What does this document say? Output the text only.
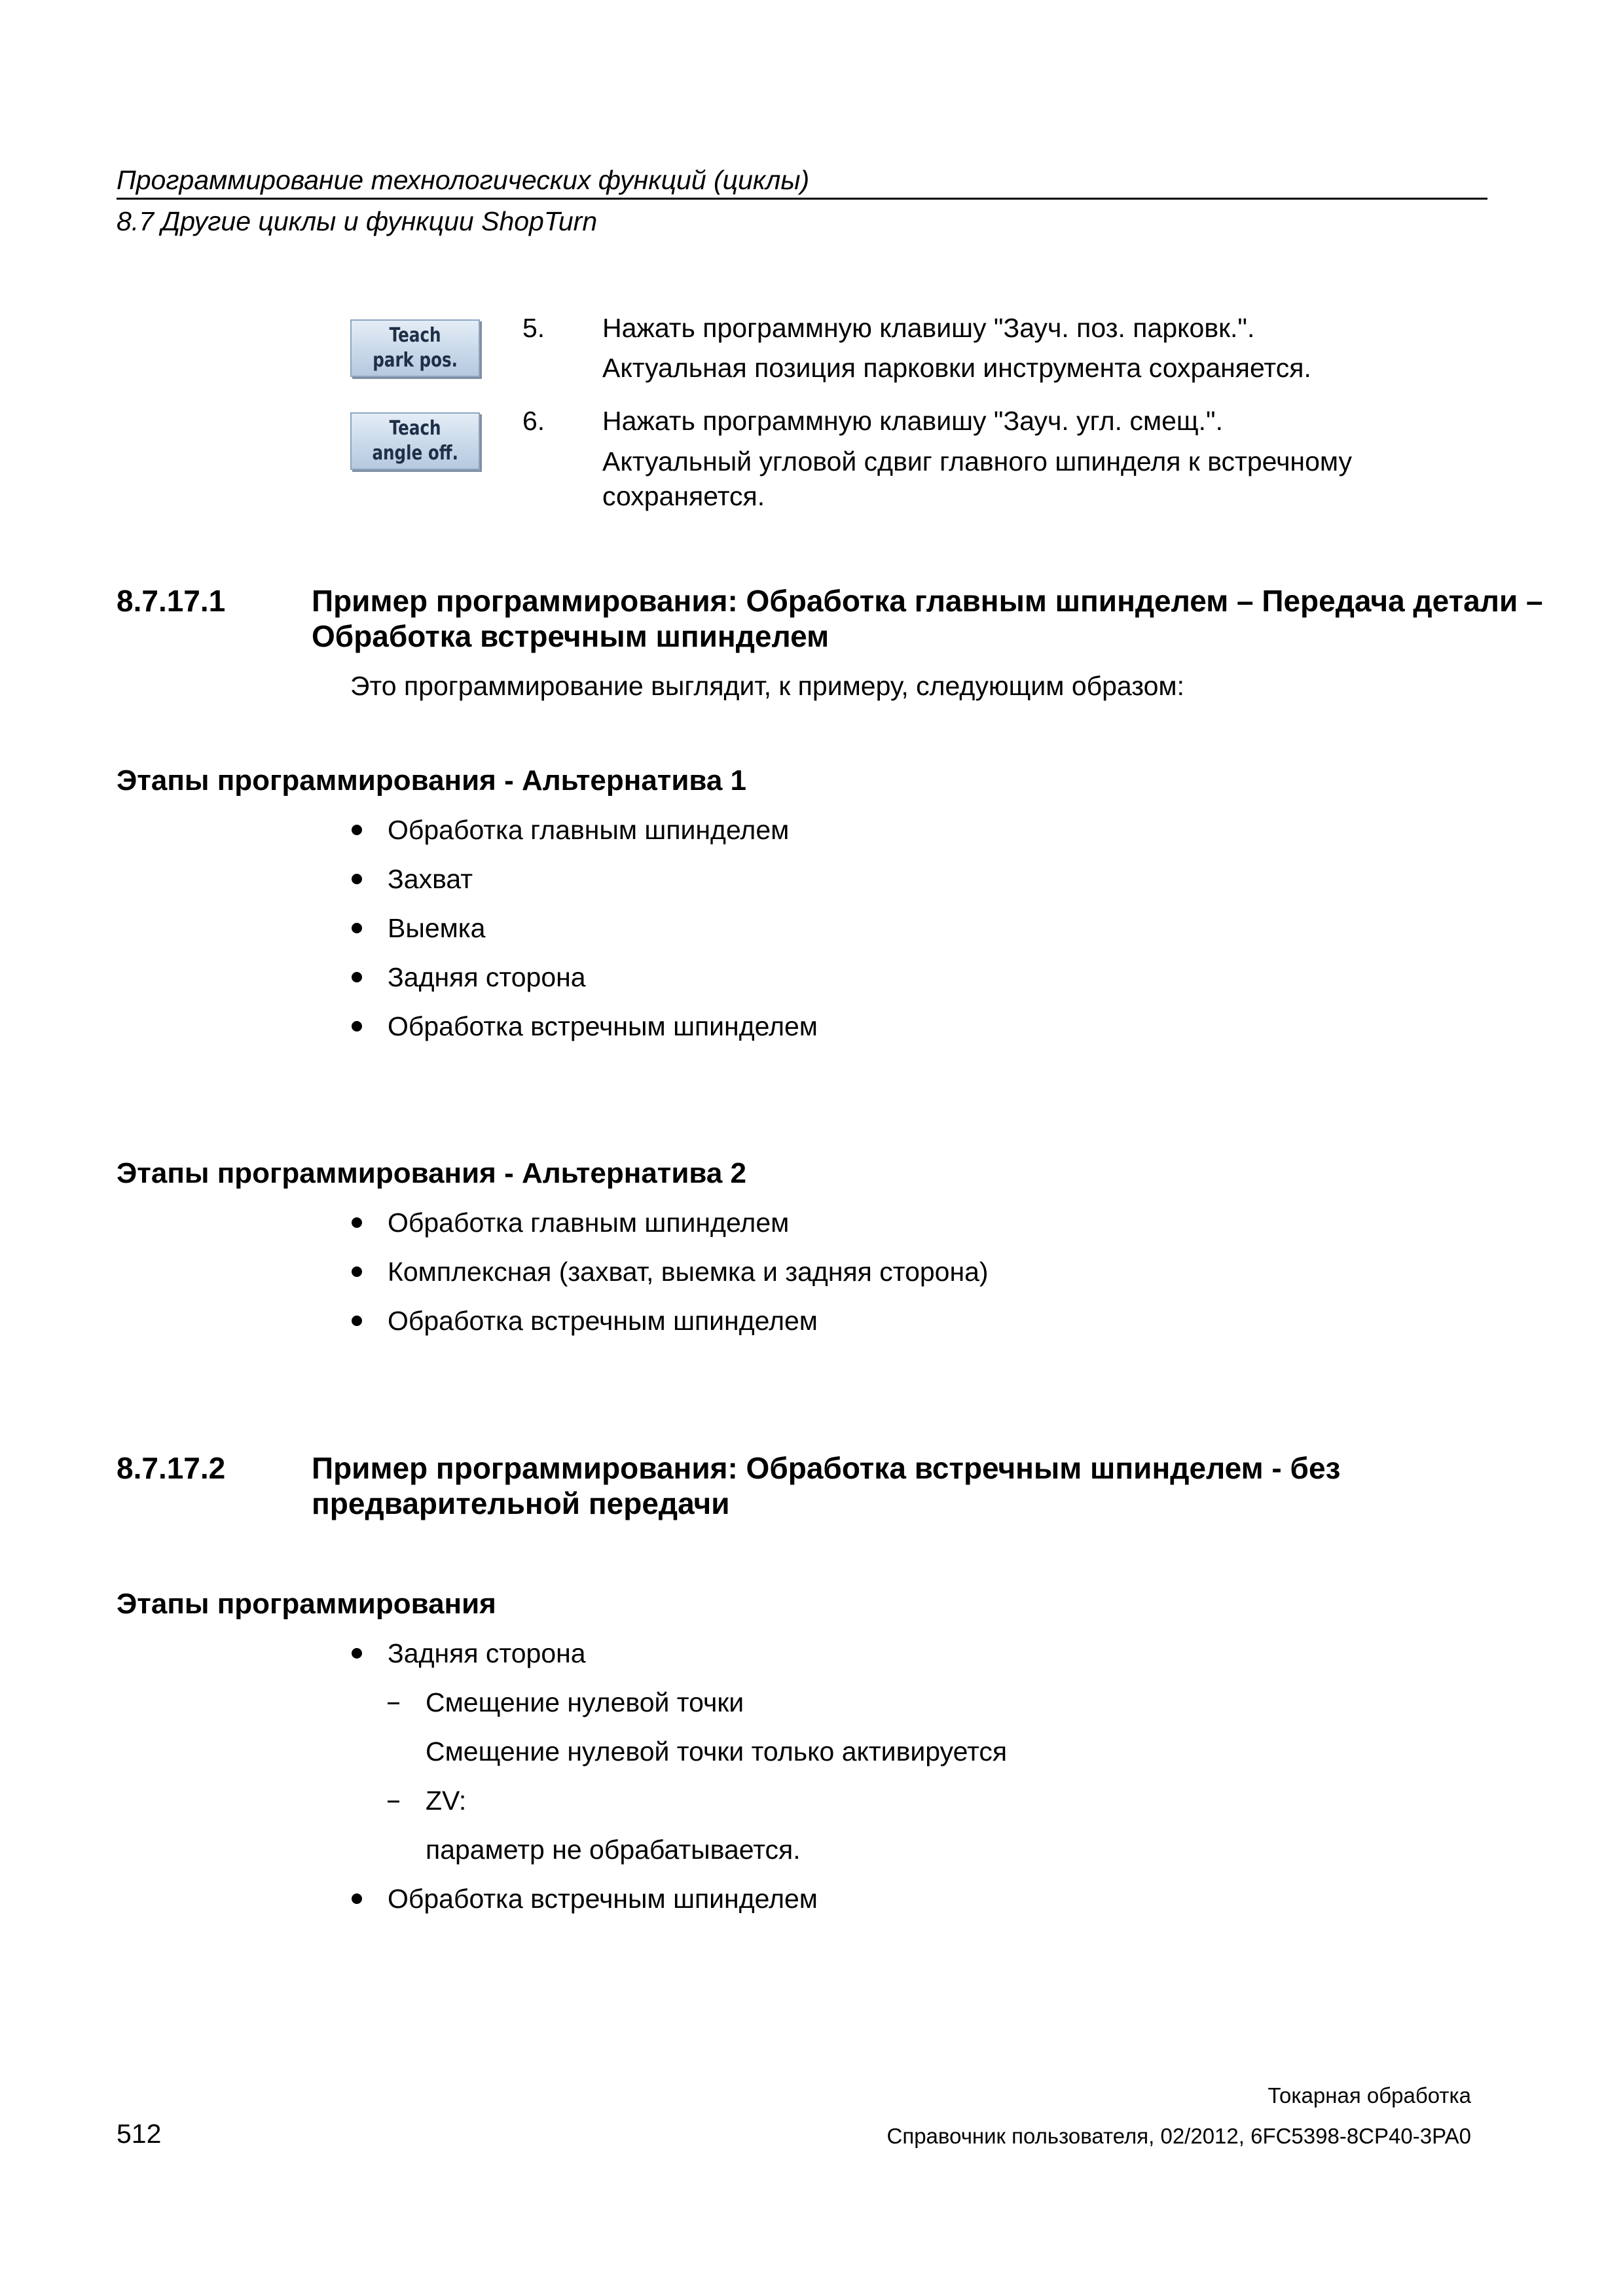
Программирование технологических функций (циклы)
8.7 Другие циклы и функции ShopTurn
Teach
park pos.
5. Нажать программную клавишу "Зауч. поз. парковк.".
Актуальная позиция парковки инструмента сохраняется.
Teach
angle off.
6. Нажать программную клавишу "Зауч. угл. смещ.".
Актуальный угловой сдвиг главного шпинделя к встречному
сохраняется.
8.7.17.1	Пример программирования: Обработка главным шпинделем – Передача детали –
Обработка встречным шпинделем
Это программирование выглядит, к примеру, следующим образом:
Этапы программирования - Альтернатива 1
Обработка главным шпинделем
Захват
Выемка
Задняя сторона
Обработка встречным шпинделем
Этапы программирования - Альтернатива 2
Обработка главным шпинделем
Комплексная (захват, выемка и задняя сторона)
Обработка встречным шпинделем
8.7.17.2	Пример программирования: Обработка встречным шпинделем - без
предварительной передачи
Этапы программирования
Задняя сторона
Смещение нулевой точки
Смещение нулевой точки только активируется
ZV:
параметр не обрабатывается.
Обработка встречным шпинделем
Токарная обработка
512	Справочник пользователя, 02/2012, 6FC5398-8CP40-3PA0
